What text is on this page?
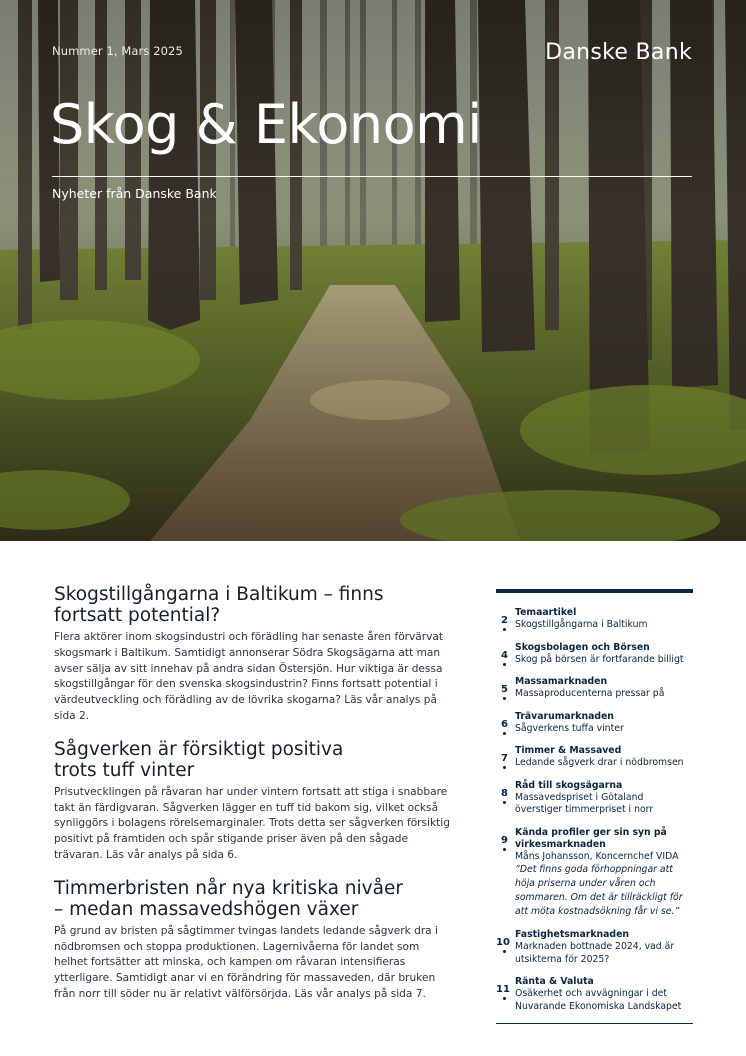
Nummer 1, Mars 2025	Danske Bank
Skog & Ekonomi
Nyheter från Danske Bank
Skogstillgångarna i Baltikum – finns
fortsatt potential?

Flera aktörer inom skogsindustri och förädling har senaste åren förvärvat skogsmark i Baltikum. Samtidigt annonserar Södra Skogsägarna att man avser sälja av sitt innehav på andra sidan Östersjön. Hur viktiga är dessa skogstillgångar för den svenska skogsindustrin? Finns fortsatt potential i värdeutveckling och förädling av de lövrika skogarna? Läs vår analys på sida 2.

Sågverken är försiktigt positiva
trots tuff vinter

Prisutvecklingen på råvaran har under vintern fortsatt att stiga i snabbare takt än färdigvaran. Sågverken lägger en tuff tid bakom sig, vilket också synliggörs i bolagens rörelsemarginaler. Trots detta ser sågverken försiktig positivt på framtiden och spår stigande priser även på den sågade trävaran. Läs vår analys på sida 6.

Timmerbristen når nya kritiska nivåer
– medan massavedshögen växer

På grund av bristen på sågtimmer tvingas landets ledande sågverk dra i nödbromsen och stoppa produktionen. Lagernivåerna för landet som helhet fortsätter att minska, och kampen om råvaran intensifieras ytterligare. Samtidigt anar vi en förändring för massaveden, där bruken från norr till söder nu är relativt välförsörjda. Läs vår analys på sida 7.

2
Temaartikel
Skogstillgångarna i Baltikum
4
Skogsbolagen och Börsen
Skog på börsen är fortfarande billigt
5
Massamarknaden
Massaproducenterna pressar på
6
Trävarumarknaden
Sågverkens tuffa vinter
7
Timmer & Massaved
Ledande sågverk drar i nödbromsen
8
Råd till skogsägarna
Massavedspriset i Götaland överstiger timmerpriset i norr
9
Kända profiler ger sin syn på virkesmarknaden
Måns Johansson, Koncernchef VIDA
”Det finns goda förhoppningar att höja priserna under våren och sommaren. Om det är tillräckligt för att möta kostnadsökning får vi se.”
10
Fastighetsmarknaden
Marknaden bottnade 2024, vad är utsikterna för 2025?
11
Ränta & Valuta
Osäkerhet och avvägningar i det Nuvarande Ekonomiska Landskapet
